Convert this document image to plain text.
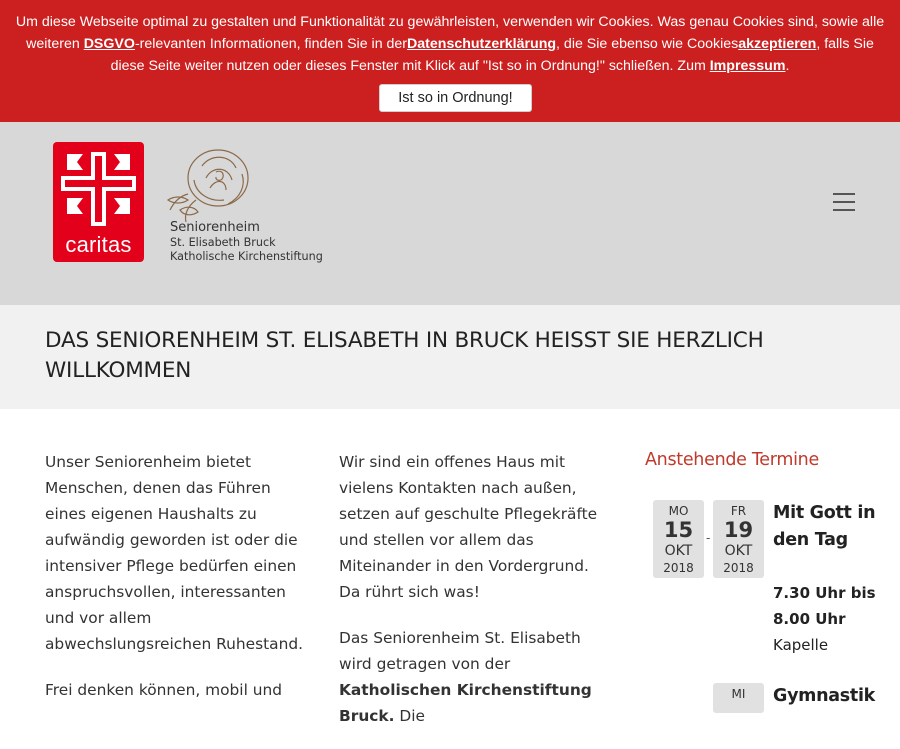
Um diese Webseite optimal zu gestalten und Funktionalität zu gewährleisten, verwenden wir Cookies. Was genau Cookies sind, sowie alle weiteren DSGVO-relevanten Informationen, finden Sie in derDatenschutzerklärung, die Sie ebenso wie Cookiesakzeptieren, falls Sie diese Seite weiter nutzen oder dieses Fenster mit Klick auf "Ist so in Ordnung!" schließen. Zum Impressum.
Ist so in Ordnung!
caritas
Seniorenheim
St. Elisabeth Bruck
Katholische Kirchenstiftung
DAS SENIORENHEIM ST. ELISABETH IN BRUCK HEISST SIE HERZLICH WILLKOMMEN

Unser Seniorenheim bietet Menschen, denen das Führen eines eigenen Haushalts zu aufwändig geworden ist oder die intensiver Pflege bedürfen einen anspruchsvollen, interessanten und vor allem abwechslungsreichen Ruhestand.

Frei denken können, mobil und

Wir sind ein offenes Haus mit vielens Kontakten nach außen, setzen auf geschulte Pflegekräfte und stellen vor allem das Miteinander in den Vordergrund. Da rührt sich was!

Das Seniorenheim St. Elisabeth wird getragen von der Katholischen Kirchenstiftung Bruck. Die

Anstehende Termine
MO
15
OKT
2018
-
FR
19
OKT
2018
Mit Gott in den Tag
7.30 Uhr bis 8.00 Uhr Kapelle
MI	Gymnastik
